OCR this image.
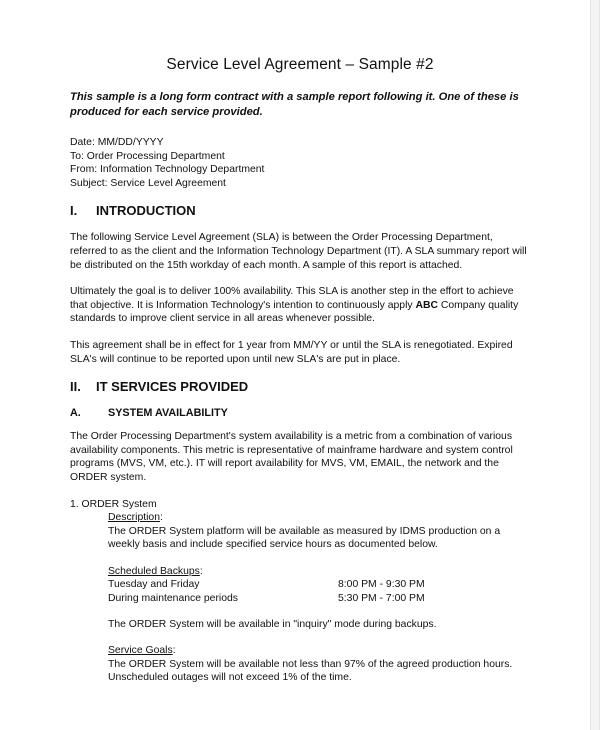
Service Level Agreement – Sample #2
This sample is a long form contract with a sample report following it. One of these is produced for each service provided.
Date: MM/DD/YYYY
To: Order Processing Department
From: Information Technology Department
Subject: Service Level Agreement
I.	INTRODUCTION
The following Service Level Agreement (SLA) is between the Order Processing Department, referred to as the client and the Information Technology Department (IT). A SLA summary report will be distributed on the 15th workday of each month. A sample of this report is attached.
Ultimately the goal is to deliver 100% availability. This SLA is another step in the effort to achieve that objective. It is Information Technology's intention to continuously apply ABC Company quality standards to improve client service in all areas whenever possible.
This agreement shall be in effect for 1 year from MM/YY or until the SLA is renegotiated. Expired SLA's will continue to be reported upon until new SLA's are put in place.
II.	IT SERVICES PROVIDED
A.	SYSTEM AVAILABILITY
The Order Processing Department's system availability is a metric from a combination of various availability components. This metric is representative of mainframe hardware and system control programs (MVS, VM, etc.). IT will report availability for MVS, VM, EMAIL, the network and the ORDER system.
1. ORDER System
Description:
The ORDER System platform will be available as measured by IDMS production on a weekly basis and include specified service hours as documented below.
Scheduled Backups:
Tuesday and Friday	8:00 PM - 9:30 PM
During maintenance periods	5:30 PM - 7:00 PM
The ORDER System will be available in "inquiry" mode during backups.
Service Goals:
The ORDER System will be available not less than 97% of the agreed production hours.
Unscheduled outages will not exceed 1% of the time.
